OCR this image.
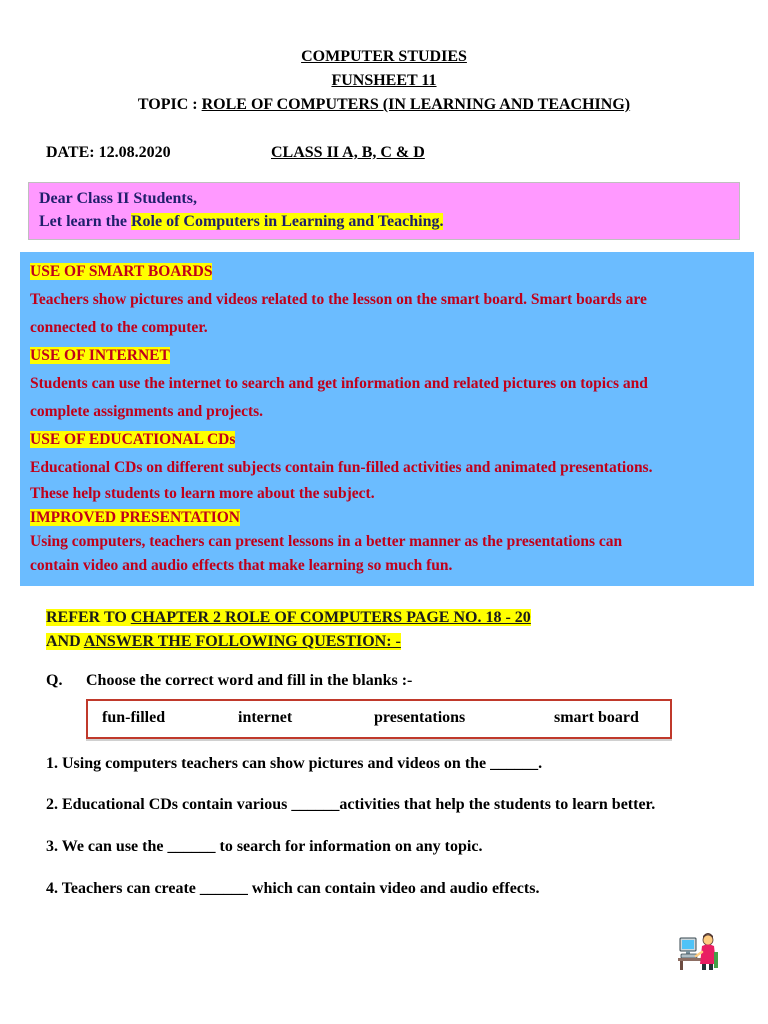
COMPUTER STUDIES
FUNSHEET 11
TOPIC : ROLE OF COMPUTERS (IN LEARNING AND TEACHING)
DATE: 12.08.2020	CLASS II A, B, C & D
Dear Class II Students,
Let learn the Role of Computers in Learning and Teaching.
USE OF SMART BOARDS
Teachers show pictures and videos related to the lesson on the smart board. Smart boards are
connected to the computer.
USE OF INTERNET
Students can use the internet to search and get information and related pictures on topics and
complete assignments and projects.
USE OF EDUCATIONAL CDs
Educational CDs on different subjects contain fun-filled activities and animated presentations.
These help students to learn more about the subject.
IMPROVED PRESENTATION
Using computers, teachers can present lessons in a better manner as the presentations can
contain video and audio effects that make learning so much fun.
REFER TO CHAPTER 2 ROLE OF COMPUTERS PAGE NO. 18 - 20
AND ANSWER THE FOLLOWING QUESTION: -
Q. Choose the correct word and fill in the blanks :-
fun-filled	internet	presentations	smart board
1. Using computers teachers can show pictures and videos on the ______.
2. Educational CDs contain various ______activities that help the students to learn better.
3. We can use the ______ to search for information on any topic.
4. Teachers can create ______ which can contain video and audio effects.
